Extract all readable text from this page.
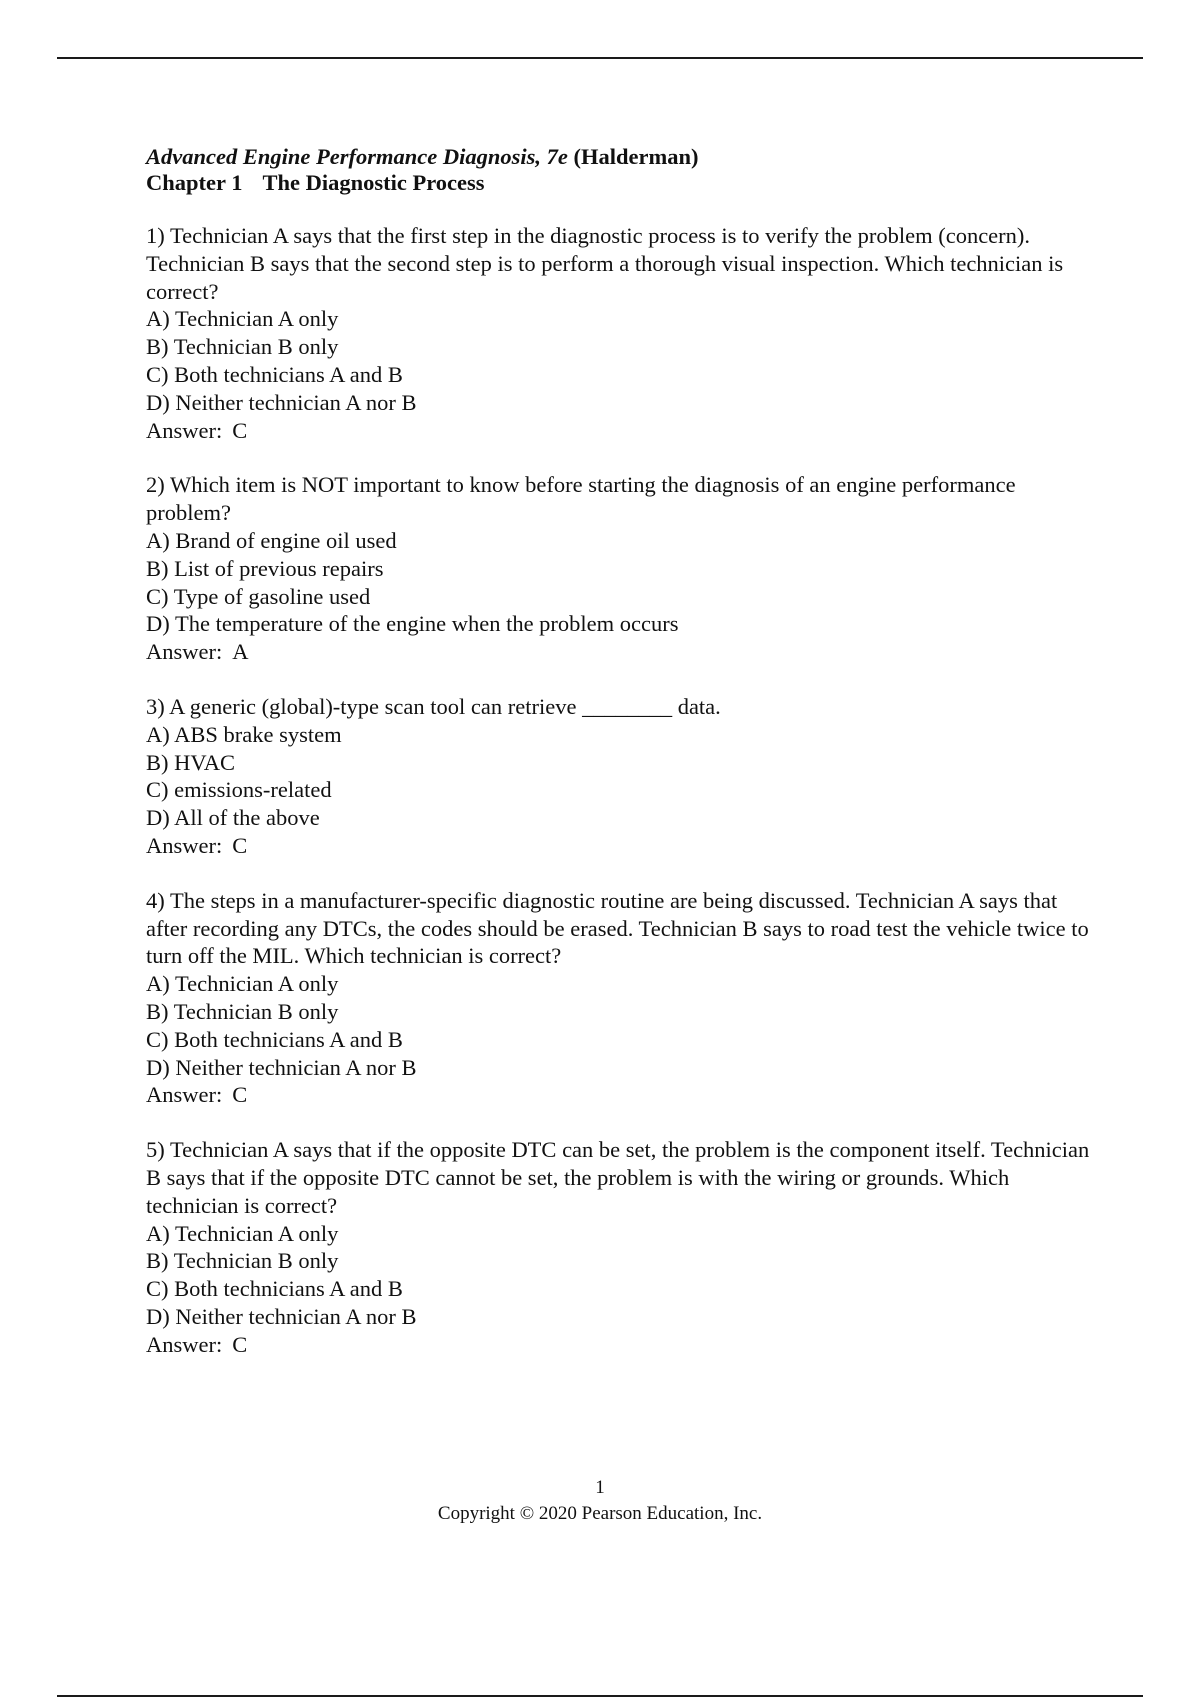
Advanced Engine Performance Diagnosis, 7e (Halderman)
Chapter 1 The Diagnostic Process

1) Technician A says that the first step in the diagnostic process is to verify the problem (concern). Technician B says that the second step is to perform a thorough visual inspection. Which technician is correct?

A) Technician A only

B) Technician B only

C) Both technicians A and B

D) Neither technician A nor B

Answer: C

2) Which item is NOT important to know before starting the diagnosis of an engine performance problem?

A) Brand of engine oil used

B) List of previous repairs

C) Type of gasoline used

D) The temperature of the engine when the problem occurs

Answer: A

3) A generic (global)-type scan tool can retrieve ________ data.

A) ABS brake system

B) HVAC

C) emissions-related

D) All of the above

Answer: C

4) The steps in a manufacturer-specific diagnostic routine are being discussed. Technician A says that after recording any DTCs, the codes should be erased. Technician B says to road test the vehicle twice to turn off the MIL. Which technician is correct?

A) Technician A only

B) Technician B only

C) Both technicians A and B

D) Neither technician A nor B

Answer: C

5) Technician A says that if the opposite DTC can be set, the problem is the component itself. Technician B says that if the opposite DTC cannot be set, the problem is with the wiring or grounds. Which technician is correct?

A) Technician A only

B) Technician B only

C) Both technicians A and B

D) Neither technician A nor B

Answer: C

1
Copyright © 2020 Pearson Education, Inc.
